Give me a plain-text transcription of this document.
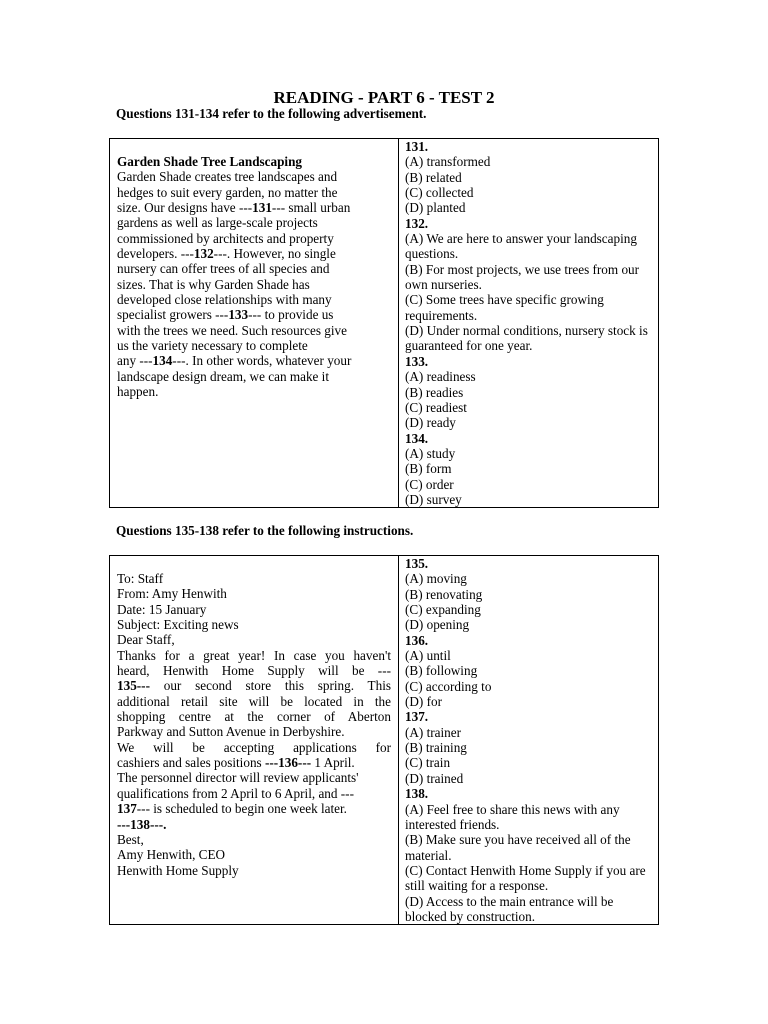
READING - PART 6 - TEST 2
Questions 131-134 refer to the following advertisement.
Garden Shade Tree Landscaping
Garden Shade creates tree landscapes and
hedges to suit every garden, no matter the
size. Our designs have ---131--- small urban
gardens as well as large-scale projects
commissioned by architects and property
developers. ---132---. However, no single
nursery can offer trees of all species and
sizes. That is why Garden Shade has
developed close relationships with many
specialist growers ---133--- to provide us
with the trees we need. Such resources give
us the variety necessary to complete
any ---134---. In other words, whatever your
landscape design dream, we can make it
happen.

131.
(A) transformed
(B) related
(C) collected
(D) planted
132.
(A) We are here to answer your landscaping questions.
(B) For most projects, we use trees from our own nurseries.
(C) Some trees have specific growing requirements.
(D) Under normal conditions, nursery stock is guaranteed for one year.
133.
(A) readiness
(B) readies
(C) readiest
(D) ready
134.
(A) study
(B) form
(C) order
(D) survey
Questions 135-138 refer to the following instructions.
To: Staff
From: Amy Henwith
Date: 15 January
Subject: Exciting news
Dear Staff,
Thanks for a great year! In case you haven't
heard, Henwith Home Supply will be ---
135--- our second store this spring. This
additional retail site will be located in the
shopping centre at the corner of Aberton
Parkway and Sutton Avenue in Derbyshire.
We will be accepting applications for
cashiers and sales positions ---136--- 1 April.
The personnel director will review applicants'
qualifications from 2 April to 6 April, and ---
137--- is scheduled to begin one week later.
---138---.
Best,
Amy Henwith, CEO
Henwith Home Supply

135.
(A) moving
(B) renovating
(C) expanding
(D) opening
136.
(A) until
(B) following
(C) according to
(D) for
137.
(A) trainer
(B) training
(C) train
(D) trained
138.
(A) Feel free to share this news with any interested friends.
(B) Make sure you have received all of the material.
(C) Contact Henwith Home Supply if you are still waiting for a response.
(D) Access to the main entrance will be blocked by construction.
